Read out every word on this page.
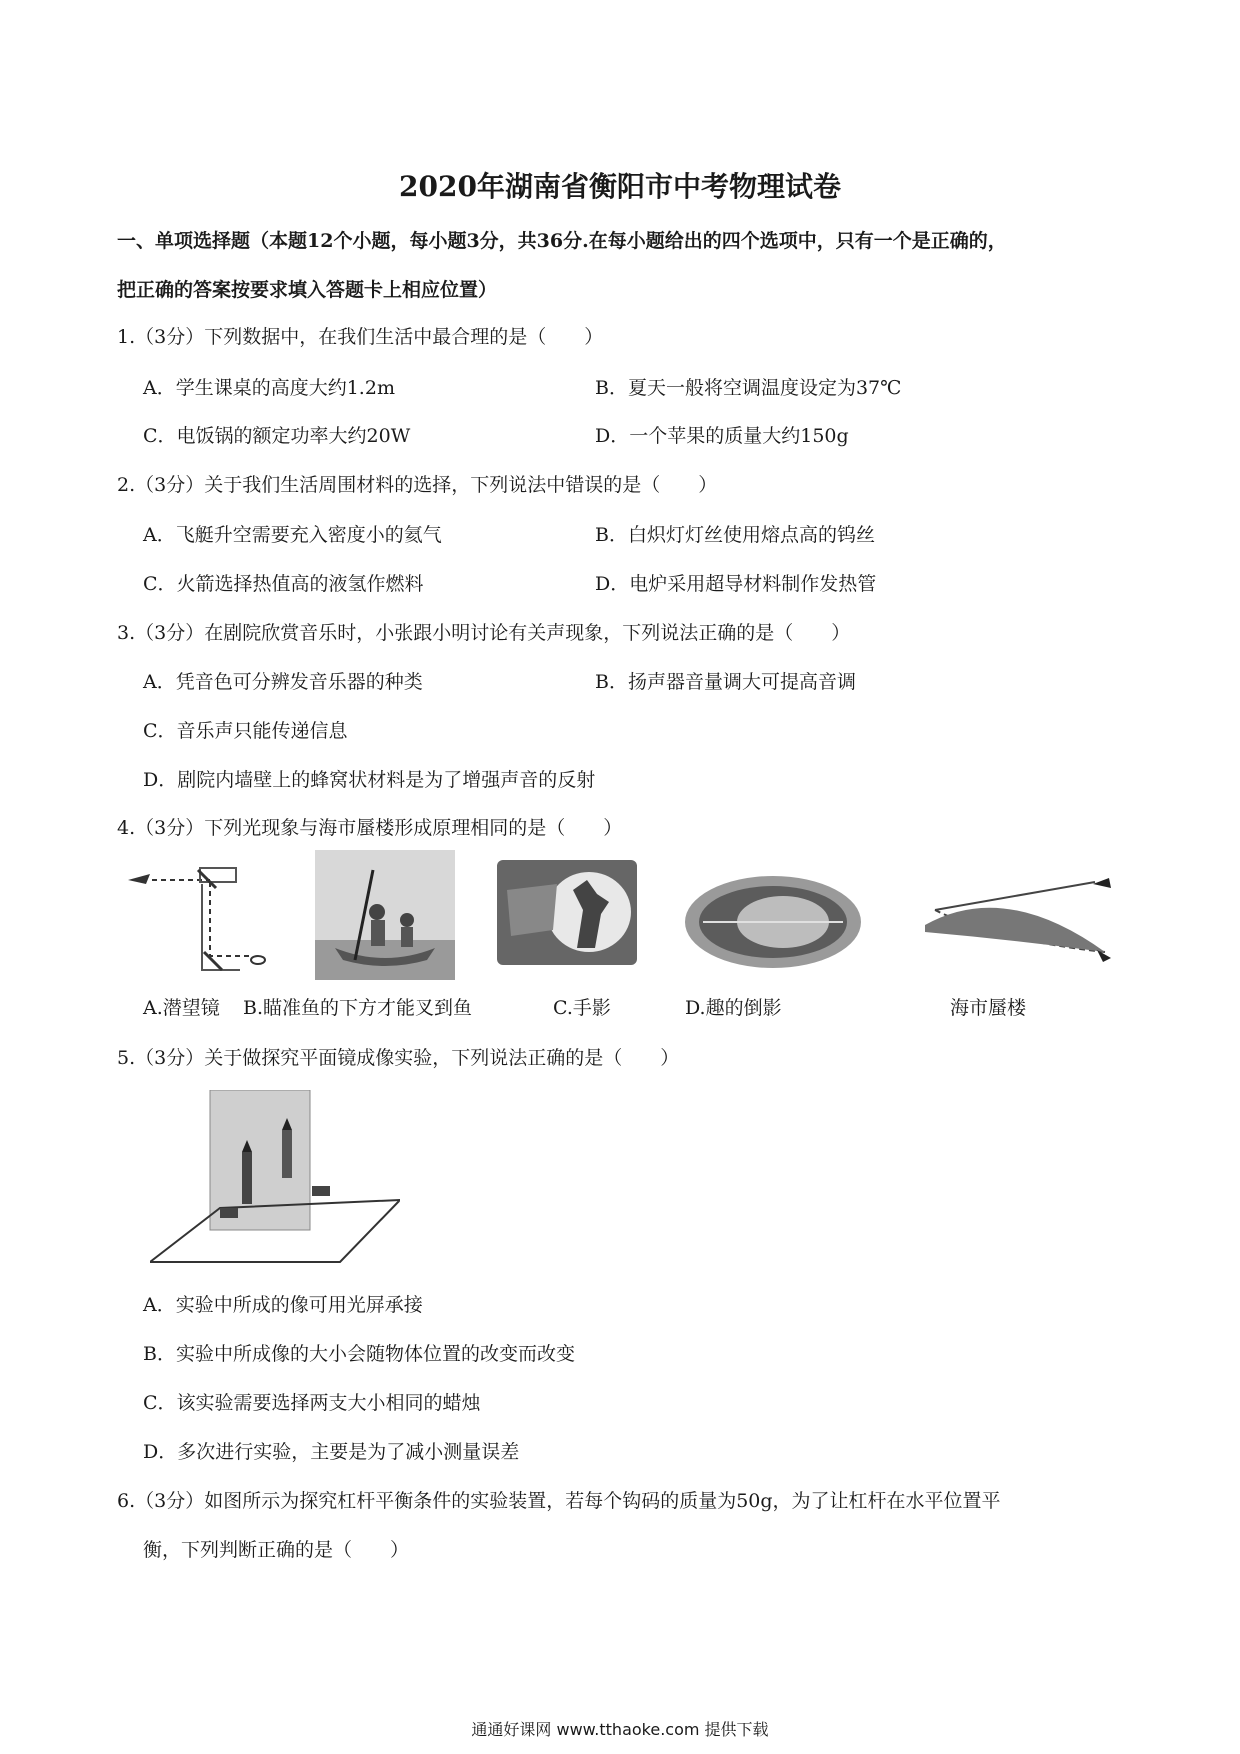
2020年湖南省衡阳市中考物理试卷
一、单项选择题（本题12个小题，每小题3分，共36分.在每小题给出的四个选项中，只有一个是正确的，
把正确的答案按要求填入答题卡上相应位置）
1.（3分）下列数据中，在我们生活中最合理的是（　　）
A．学生课桌的高度大约1.2m	B．夏天一般将空调温度设定为37℃
C．电饭锅的额定功率大约20W	D．一个苹果的质量大约150g
2.（3分）关于我们生活周围材料的选择，下列说法中错误的是（　　）
A．飞艇升空需要充入密度小的氦气	B．白炽灯灯丝使用熔点高的钨丝
C．火箭选择热值高的液氢作燃料	D．电炉采用超导材料制作发热管
3.（3分）在剧院欣赏音乐时，小张跟小明讨论有关声现象，下列说法正确的是（　　）
A．凭音色可分辨发音乐器的种类	B．扬声器音量调大可提高音调
C．音乐声只能传递信息
D．剧院内墙壁上的蜂窝状材料是为了增强声音的反射
4.（3分）下列光现象与海市蜃楼形成原理相同的是（　　）
A.潜望镜 B.瞄准鱼的下方才能叉到鱼	C.手影	D.趣的倒影	海市蜃楼
5.（3分）关于做探究平面镜成像实验，下列说法正确的是（　　）
A．实验中所成的像可用光屏承接
B．实验中所成像的大小会随物体位置的改变而改变
C．该实验需要选择两支大小相同的蜡烛
D．多次进行实验，主要是为了减小测量误差
6.（3分）如图所示为探究杠杆平衡条件的实验装置，若每个钩码的质量为50g，为了让杠杆在水平位置平
衡，下列判断正确的是（　　）
通通好课网 www.tthaoke.com 提供下载
